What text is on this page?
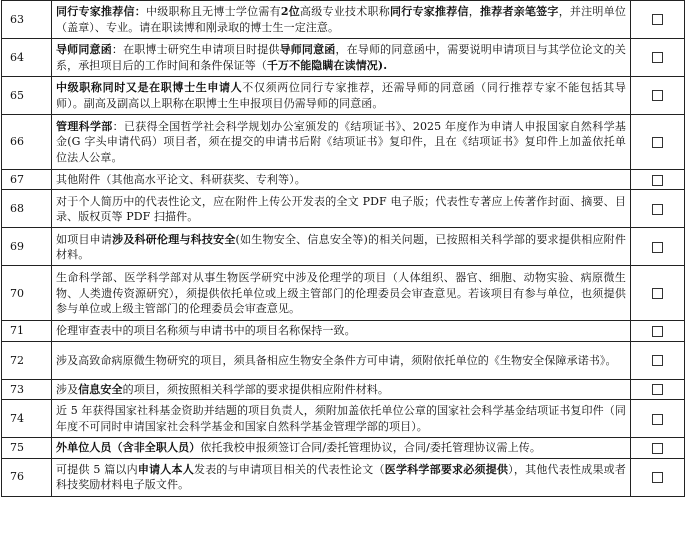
63	同行专家推荐信：中级职称且无博士学位需有2位高级专业技术职称同行专家推荐信，推荐者亲笔签字，并注明单位（盖章）、专业。请在职读博和刚录取的博士生一定注意。	
64	导师同意函：在职博士研究生申请项目时提供导师同意函，在导师的同意函中，需要说明申请项目与其学位论文的关系，承担项目后的工作时间和条件保证等（千万不能隐瞒在读情况).	
65	中级职称同时又是在职博士生申请人不仅须两位同行专家推荐，还需导师的同意函（同行推荐专家不能包括其导师）。副高及副高以上职称在职博士生申报项目仍需导师的同意函。	
66	管理科学部：已获得全国哲学社会科学规划办公室颁发的《结项证书》、2025 年度作为申请人申报国家自然科学基金(G 字头申请代码）项目者，须在提交的申请书后附《结项证书》复印件，且在《结项证书》复印件上加盖依托单位法人公章。	
67	其他附件（其他高水平论文、科研获奖、专利等）。	
68	对于个人简历中的代表性论文，应在附件上传公开发表的全文 PDF 电子版；代表性专著应上传著作封面、摘要、目录、版权页等 PDF 扫描件。	
69	如项目申请涉及科研伦理与科技安全(如生物安全、信息安全等)的相关问题，已按照相关科学部的要求提供相应附件材料。	
70	生命科学部、医学科学部对从事生物医学研究中涉及伦理学的项目（人体组织、器官、细胞、动物实验、病原微生物、人类遗传资源研究），须提供依托单位或上级主管部门的伦理委员会审查意见。若该项目有参与单位，也须提供参与单位或上级主管部门的伦理委员会审查意见。	
71	伦理审查表中的项目名称须与申请书中的项目名称保持一致。	
72	涉及高致命病原微生物研究的项目，须具备相应生物安全条件方可申请，须附依托单位的《生物安全保障承诺书》。	
73	涉及信息安全的项目，须按照相关科学部的要求提供相应附件材料。	
74	近 5 年获得国家社科基金资助并结题的项目负责人，须附加盖依托单位公章的国家社会科学基金结项证书复印件（同年度不可同时申请国家社会科学基金和国家自然科学基金管理学部的项目）。	
75	外单位人员（含非全职人员）依托我校申报须签订合同/委托管理协议，合同/委托管理协议需上传。	
76	可提供 5 篇以内申请人本人发表的与申请项目相关的代表性论文（医学科学部要求必须提供），其他代表性成果或者科技奖励材料电子版文件。	
